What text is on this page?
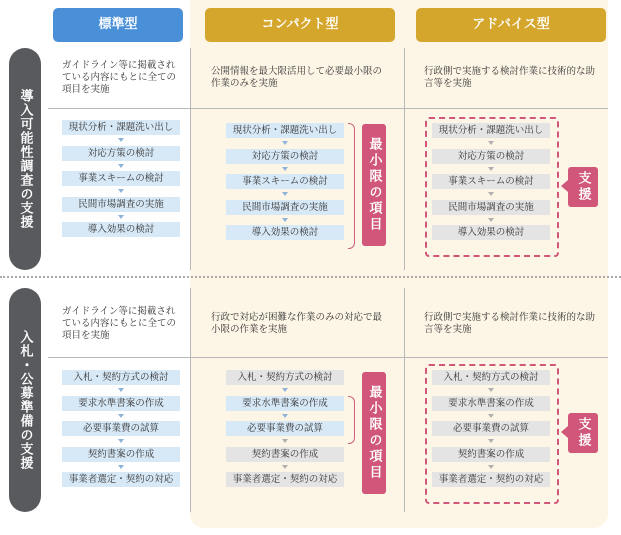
標準型	コンパクト型	アドバイス型
導入可能性調査の支援
入札・公募準備の支援
ガイドライン等に掲載されている内容にもとに全ての項目を実施
公開情報を最大限活用して必要最小限の作業のみを実施
行政側で実施する検討作業に技術的な助言等を実施
ガイドライン等に掲載されている内容にもとに全ての項目を実施
行政で対応が困難な作業のみの対応で最小限の作業を実施
行政側で実施する検討作業に技術的な助言等を実施
現状分析・課題洗い出し
対応方策の検討
事業スキームの検討
民間市場調査の実施
導入効果の検討
現状分析・課題洗い出し
対応方策の検討
事業スキームの検討
民間市場調査の実施
導入効果の検討
現状分析・課題洗い出し
対応方策の検討
事業スキームの検討
民間市場調査の実施
導入効果の検討
入札・契約方式の検討
要求水準書案の作成
必要事業費の試算
契約書案の作成
事業者選定・契約の対応
入札・契約方式の検討
要求水準書案の作成
必要事業費の試算
契約書案の作成
事業者選定・契約の対応
入札・契約方式の検討
要求水準書案の作成
必要事業費の試算
契約書案の作成
事業者選定・契約の対応
最小限の項目
最小限の項目
支援
支援
